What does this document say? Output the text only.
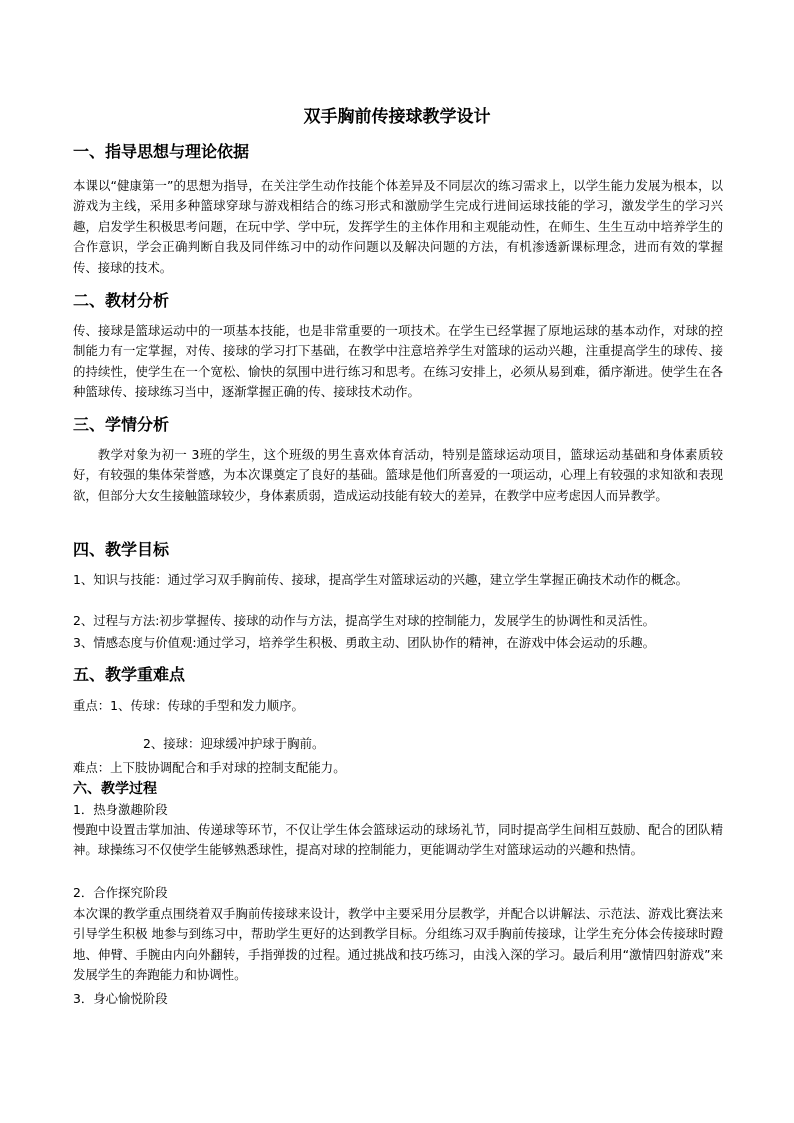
双手胸前传接球教学设计
一、指导思想与理论依据
本课以“健康第一”的思想为指导，在关注学生动作技能个体差异及不同层次的练习需求上，以学生能力发展为根本，以游戏为主线，采用多种篮球穿球与游戏相结合的练习形式和激励学生完成行进间运球技能的学习，激发学生的学习兴趣，启发学生积极思考问题，在玩中学、学中玩，发挥学生的主体作用和主观能动性，在师生、生生互动中培养学生的合作意识，学会正确判断自我及同伴练习中的动作问题以及解决问题的方法，有机渗透新课标理念，进而有效的掌握传、接球的技术。
二、教材分析
传、接球是篮球运动中的一项基本技能，也是非常重要的一项技术。在学生已经掌握了原地运球的基本动作，对球的控制能力有一定掌握，对传、接球的学习打下基础，在教学中注意培养学生对篮球的运动兴趣，注重提高学生的球传、接的持续性，使学生在一个宽松、愉快的氛围中进行练习和思考。在练习安排上，必须从易到难，循序渐进。使学生在各种篮球传、接球练习当中，逐渐掌握正确的传、接球技术动作。
三、学情分析
教学对象为初一 3班的学生，这个班级的男生喜欢体育活动，特别是篮球运动项目，篮球运动基础和身体素质较好，有较强的集体荣誉感，为本次课奠定了良好的基础。篮球是他们所喜爱的一项运动，心理上有较强的求知欲和表现欲，但部分大女生接触篮球较少，身体素质弱，造成运动技能有较大的差异，在教学中应考虑因人而异教学。
四、教学目标
1、知识与技能：通过学习双手胸前传、接球，提高学生对篮球运动的兴趣，建立学生掌握正确技术动作的概念。
2、过程与方法:初步掌握传、接球的动作与方法，提高学生对球的控制能力，发展学生的协调性和灵活性。
3、情感态度与价值观:通过学习，培养学生积极、勇敢主动、团队协作的精神，在游戏中体会运动的乐趣。
五、教学重难点
重点：1、传球：传球的手型和发力顺序。
2、接球：迎球缓冲护球于胸前。
难点：上下肢协调配合和手对球的控制支配能力。
六、教学过程
1．热身激趣阶段
慢跑中设置击掌加油、传递球等环节，不仅让学生体会篮球运动的球场礼节，同时提高学生间相互鼓励、配合的团队精神。球操练习不仅使学生能够熟悉球性，提高对球的控制能力，更能调动学生对篮球运动的兴趣和热情。
2．合作探究阶段
本次课的教学重点围绕着双手胸前传接球来设计，教学中主要采用分层教学，并配合以讲解法、示范法、游戏比赛法来引导学生积极 地参与到练习中，帮助学生更好的达到教学目标。分组练习双手胸前传接球，让学生充分体会传接球时蹬地、伸臂、手腕由内向外翻转，手指弹拨的过程。通过挑战和技巧练习，由浅入深的学习。最后利用“激情四射游戏”来发展学生的奔跑能力和协调性。
3．身心愉悦阶段
